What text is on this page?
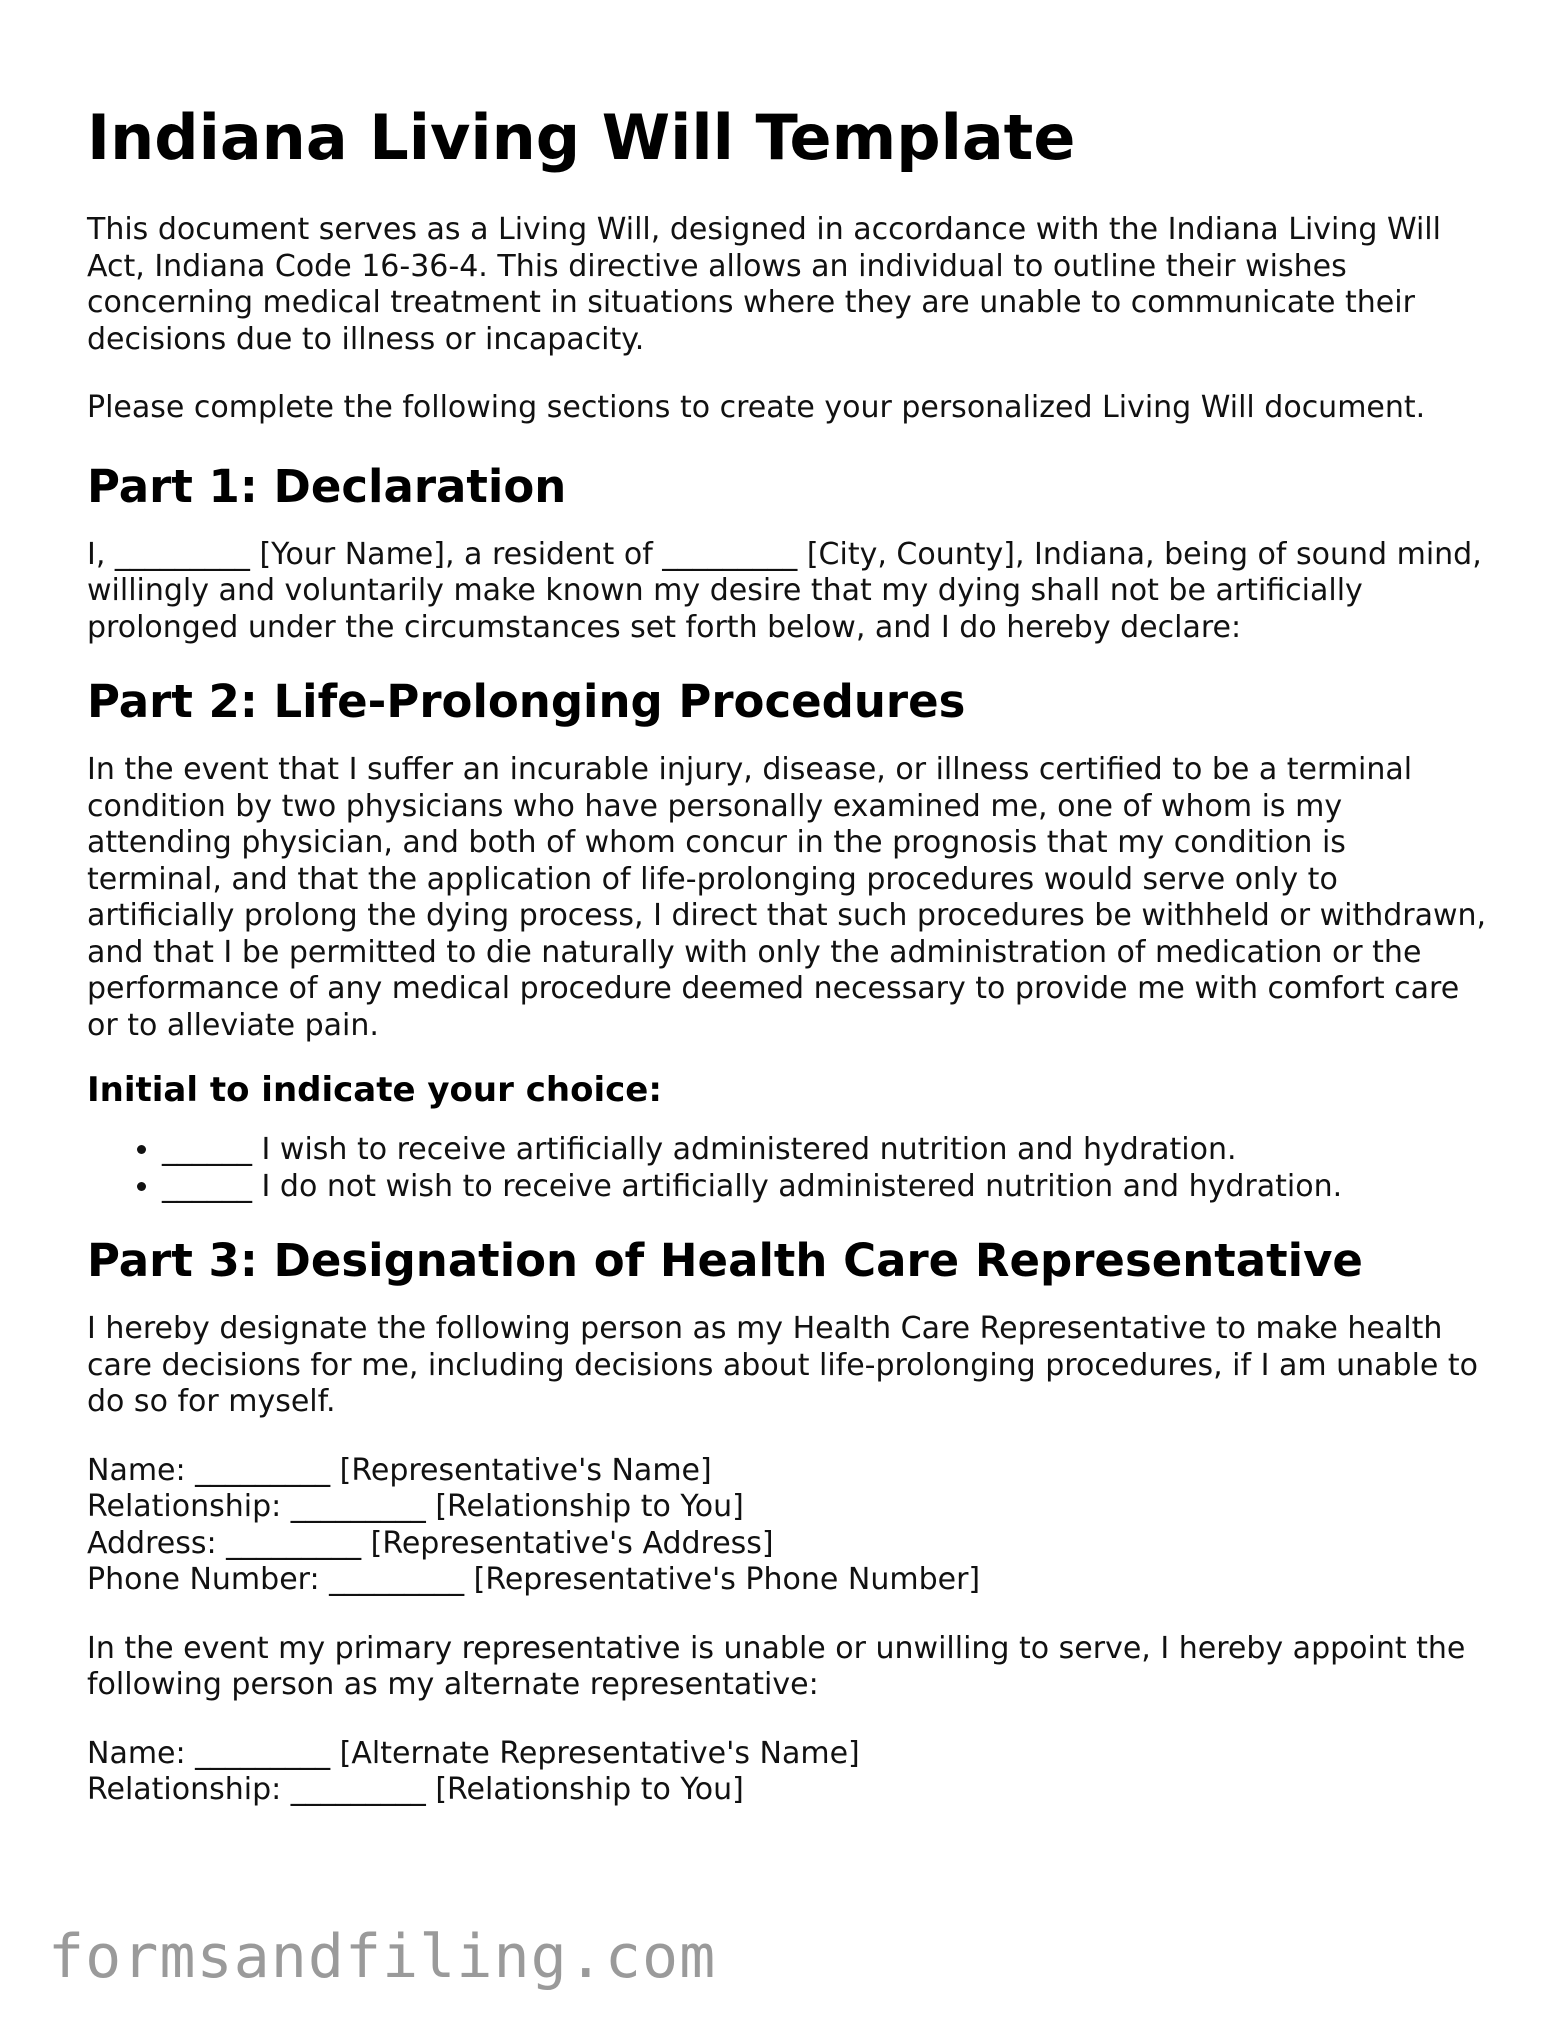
Indiana Living Will Template

This document serves as a Living Will, designed in accordance with the Indiana Living Will Act, Indiana Code 16-36-4. This directive allows an individual to outline their wishes concerning medical treatment in situations where they are unable to communicate their decisions due to illness or incapacity.

Please complete the following sections to create your personalized Living Will document.

Part 1: Declaration

I, _________ [Your Name], a resident of _________ [City, County], Indiana, being of sound mind, willingly and voluntarily make known my desire that my dying shall not be artificially prolonged under the circumstances set forth below, and I do hereby declare:

Part 2: Life-Prolonging Procedures

In the event that I suffer an incurable injury, disease, or illness certified to be a terminal condition by two physicians who have personally examined me, one of whom is my attending physician, and both of whom concur in the prognosis that my condition is terminal, and that the application of life-prolonging procedures would serve only to artificially prolong the dying process, I direct that such procedures be withheld or withdrawn, and that I be permitted to die naturally with only the administration of medication or the performance of any medical procedure deemed necessary to provide me with comfort care or to alleviate pain.

Initial to indicate your choice:
• ______ I wish to receive artificially administered nutrition and hydration.
• ______ I do not wish to receive artificially administered nutrition and hydration.
Part 3: Designation of Health Care Representative

I hereby designate the following person as my Health Care Representative to make health care decisions for me, including decisions about life-prolonging procedures, if I am unable to do so for myself.

Name: _________ [Representative's Name]
Relationship: _________ [Relationship to You]
Address: _________ [Representative's Address]
Phone Number: _________ [Representative's Phone Number]

In the event my primary representative is unable or unwilling to serve, I hereby appoint the following person as my alternate representative:

Name: _________ [Alternate Representative's Name]
Relationship: _________ [Relationship to You]
formsandfiling.com
